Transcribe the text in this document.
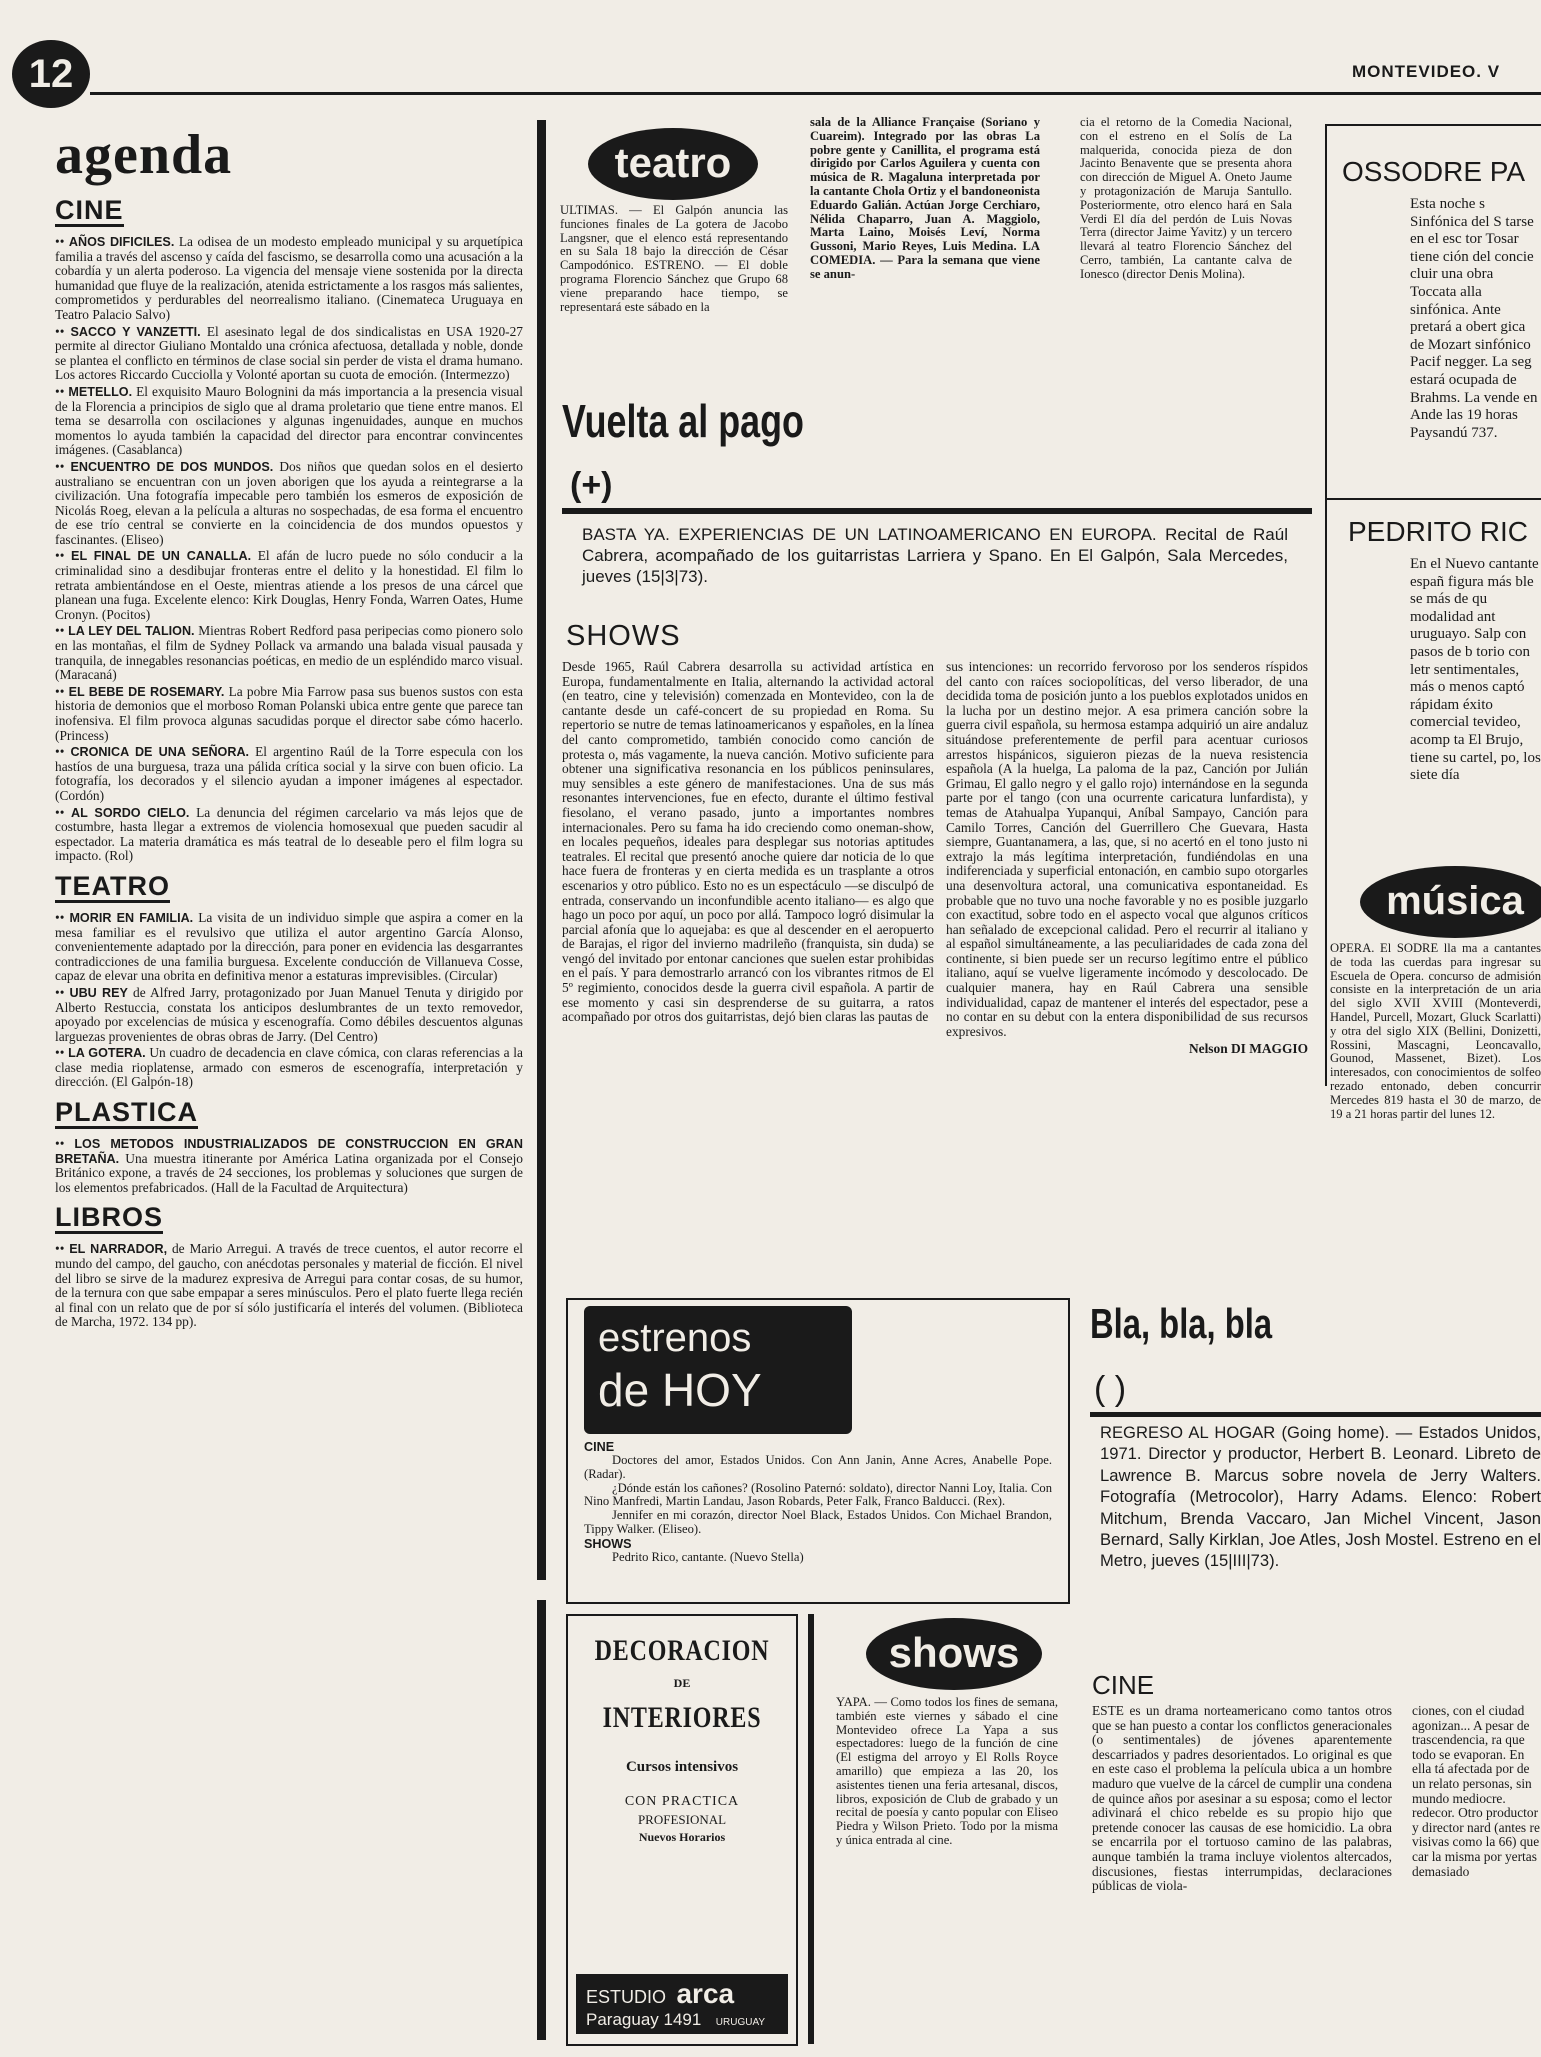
12	MONTEVIDEO. V
agenda
CINE

•• AÑOS DIFICILES. La odisea de un modesto empleado municipal y su arquetípica familia a través del ascenso y caída del fascismo, se desarrolla como una acusación a la cobardía y un alerta poderoso. La vigencia del mensaje viene sostenida por la directa humanidad que fluye de la realización, atenida estrictamente a los rasgos más salientes, comprometidos y perdurables del neorrealismo italiano. (Cinemateca Uruguaya en Teatro Palacio Salvo)

•• SACCO Y VANZETTI. El asesinato legal de dos sindicalistas en USA 1920-27 permite al director Giuliano Montaldo una crónica afectuosa, detallada y noble, donde se plantea el conflicto en términos de clase social sin perder de vista el drama humano. Los actores Riccardo Cucciolla y Volonté aportan su cuota de emoción. (Intermezzo)

•• METELLO. El exquisito Mauro Bolognini da más importancia a la presencia visual de la Florencia a principios de siglo que al drama proletario que tiene entre manos. El tema se desarrolla con oscilaciones y algunas ingenuidades, aunque en muchos momentos lo ayuda también la capacidad del director para encontrar convincentes imágenes. (Casablanca)

•• ENCUENTRO DE DOS MUNDOS. Dos niños que quedan solos en el desierto australiano se encuentran con un joven aborigen que los ayuda a reintegrarse a la civilización. Una fotografía impecable pero también los esmeros de exposición de Nicolás Roeg, elevan a la película a alturas no sospechadas, de esa forma el encuentro de ese trío central se convierte en la coincidencia de dos mundos opuestos y fascinantes. (Eliseo)

•• EL FINAL DE UN CANALLA. El afán de lucro puede no sólo conducir a la criminalidad sino a desdibujar fronteras entre el delito y la honestidad. El film lo retrata ambientándose en el Oeste, mientras atiende a los presos de una cárcel que planean una fuga. Excelente elenco: Kirk Douglas, Henry Fonda, Warren Oates, Hume Cronyn. (Pocitos)

•• LA LEY DEL TALION. Mientras Robert Redford pasa peripecias como pionero solo en las montañas, el film de Sydney Pollack va armando una balada visual pausada y tranquila, de innegables resonancias poéticas, en medio de un espléndido marco visual. (Maracaná)

•• EL BEBE DE ROSEMARY. La pobre Mia Farrow pasa sus buenos sustos con esta historia de demonios que el morboso Roman Polanski ubica entre gente que parece tan inofensiva. El film provoca algunas sacudidas porque el director sabe cómo hacerlo. (Princess)

•• CRONICA DE UNA SEÑORA. El argentino Raúl de la Torre especula con los hastíos de una burguesa, traza una pálida crítica social y la sirve con buen oficio. La fotografía, los decorados y el silencio ayudan a imponer imágenes al espectador. (Cordón)

•• AL SORDO CIELO. La denuncia del régimen carcelario va más lejos que de costumbre, hasta llegar a extremos de violencia homosexual que pueden sacudir al espectador. La materia dramática es más teatral de lo deseable pero el film logra su impacto. (Rol)

TEATRO

•• MORIR EN FAMILIA. La visita de un individuo simple que aspira a comer en la mesa familiar es el revulsivo que utiliza el autor argentino García Alonso, convenientemente adaptado por la dirección, para poner en evidencia las desgarrantes contradicciones de una familia burguesa. Excelente conducción de Villanueva Cosse, capaz de elevar una obrita en definitiva menor a estaturas imprevisibles. (Circular)

•• UBU REY de Alfred Jarry, protagonizado por Juan Manuel Tenuta y dirigido por Alberto Restuccia, constata los anticipos deslumbrantes de un texto removedor, apoyado por excelencias de música y escenografía. Como débiles descuentos algunas larguezas provenientes de obras obras de Jarry. (Del Centro)

•• LA GOTERA. Un cuadro de decadencia en clave cómica, con claras referencias a la clase media rioplatense, armado con esmeros de escenografía, interpretación y dirección. (El Galpón-18)

PLASTICA

•• LOS METODOS INDUSTRIALIZADOS DE CONSTRUCCION EN GRAN BRETAÑA. Una muestra itinerante por América Latina organizada por el Consejo Británico expone, a través de 24 secciones, los problemas y soluciones que surgen de los elementos prefabricados. (Hall de la Facultad de Arquitectura)

LIBROS

•• EL NARRADOR, de Mario Arregui. A través de trece cuentos, el autor recorre el mundo del campo, del gaucho, con anécdotas personales y material de ficción. El nivel del libro se sirve de la madurez expresiva de Arregui para contar cosas, de su humor, de la ternura con que sabe empapar a seres minúsculos. Pero el plato fuerte llega recién al final con un relato que de por sí sólo justificaría el interés del volumen. (Biblioteca de Marcha, 1972. 134 pp).

teatro

ULTIMAS. — El Galpón anuncia las funciones finales de La gotera de Jacobo Langsner, que el elenco está representando en su Sala 18 bajo la dirección de César Campodónico. ESTRENO. — El doble programa Florencio Sánchez que Grupo 68 viene preparando hace tiempo, se representará este sábado en la

sala de la Alliance Française (Soriano y Cuareim). Integrado por las obras La pobre gente y Canillita, el programa está dirigido por Carlos Aguilera y cuenta con música de R. Magaluna interpretada por la cantante Chola Ortiz y el bandoneonista Eduardo Galián. Actúan Jorge Cerchiaro, Nélida Chaparro, Juan A. Maggiolo, Marta Laino, Moisés Leví, Norma Gussoni, Mario Reyes, Luis Medina. LA COMEDIA. — Para la semana que viene se anun-

cia el retorno de la Comedia Nacional, con el estreno en el Solís de La malquerida, conocida pieza de don Jacinto Benavente que se presenta ahora con dirección de Miguel A. Oneto Jaume y protagonización de Maruja Santullo. Posteriormente, otro elenco hará en Sala Verdi El día del perdón de Luis Novas Terra (director Jaime Yavitz) y un tercero llevará al teatro Florencio Sánchez del Cerro, también, La cantante calva de Ionesco (director Denis Molina).

Vuelta al pago
(+)

BASTA YA. EXPERIENCIAS DE UN LATINOAMERICANO EN EUROPA. Recital de Raúl Cabrera, acompañado de los guitarristas Larriera y Spano. En El Galpón, Sala Mercedes, jueves (15|3|73).

SHOWS

Desde 1965, Raúl Cabrera desarrolla su actividad artística en Europa, fundamentalmente en Italia, alternando la actividad actoral (en teatro, cine y televisión) comenzada en Montevideo, con la de cantante desde un café-concert de su propiedad en Roma. Su repertorio se nutre de temas latinoamericanos y españoles, en la línea del canto comprometido, también conocido como canción de protesta o, más vagamente, la nueva canción. Motivo suficiente para obtener una significativa resonancia en los públicos peninsulares, muy sensibles a este género de manifestaciones. Una de sus más resonantes intervenciones, fue en efecto, durante el último festival fiesolano, el verano pasado, junto a importantes nombres internacionales. Pero su fama ha ido creciendo como oneman-show, en locales pequeños, ideales para desplegar sus notorias aptitudes teatrales. El recital que presentó anoche quiere dar noticia de lo que hace fuera de fronteras y en cierta medida es un trasplante a otros escenarios y otro público. Esto no es un espectáculo —se disculpó de entrada, conservando un inconfundible acento italiano— es algo que hago un poco por aquí, un poco por allá. Tampoco logró disimular la parcial afonía que lo aquejaba: es que al descender en el aeropuerto de Barajas, el rigor del invierno madrileño (franquista, sin duda) se vengó del invitado por entonar canciones que suelen estar prohibidas en el país. Y para demostrarlo arrancó con los vibrantes ritmos de El 5º regimiento, conocidos desde la guerra civil española. A partir de ese momento y casi sin desprenderse de su guitarra, a ratos acompañado por otros dos guitarristas, dejó bien claras las pautas de

sus intenciones: un recorrido fervoroso por los senderos ríspidos del canto con raíces sociopolíticas, del verso liberador, de una decidida toma de posición junto a los pueblos explotados unidos en la lucha por un destino mejor. A esa primera canción sobre la guerra civil española, su hermosa estampa adquirió un aire andaluz situándose preferentemente de perfil para acentuar curiosos arrestos hispánicos, siguieron piezas de la nueva resistencia española (A la huelga, La paloma de la paz, Canción por Julián Grimau, El gallo negro y el gallo rojo) internándose en la segunda parte por el tango (con una ocurrente caricatura lunfardista), y temas de Atahualpa Yupanqui, Aníbal Sampayo, Canción para Camilo Torres, Canción del Guerrillero Che Guevara, Hasta siempre, Guantanamera, a las, que, si no acertó en el tono justo ni extrajo la más legítima interpretación, fundiéndolas en una indiferenciada y superficial entonación, en cambio supo otorgarles una desenvoltura actoral, una comunicativa espontaneidad. Es probable que no tuvo una noche favorable y no es posible juzgarlo con exactitud, sobre todo en el aspecto vocal que algunos críticos han señalado de excepcional calidad. Pero el recurrir al italiano y al español simultáneamente, a las peculiaridades de cada zona del continente, si bien puede ser un recurso legítimo entre el público italiano, aquí se vuelve ligeramente incómodo y descolocado. De cualquier manera, hay en Raúl Cabrera una sensible individualidad, capaz de mantener el interés del espectador, pese a no contar en su debut con la entera disponibilidad de sus recursos expresivos.

Nelson DI MAGGIO
OSSODRE PA

Esta noche s Sinfónica del S tarse en el esc tor Tosar tiene ción del concie cluir una obra Toccata alla sinfónica. Ante pretará a obert gica de Mozart sinfónico Pacif negger. La seg estará ocupada de Brahms. La vende en Ande las 19 horas Paysandú 737.

PEDRITO RIC

En el Nuevo cantante españ figura más ble se más de qu modalidad ant uruguayo. Salp con pasos de b torio con letr sentimentales, más o menos captó rápidam éxito comercial tevideo, acomp ta El Brujo, tiene su cartel, po, los siete día

música

OPERA. El SODRE lla ma a cantantes de toda las cuerdas para ingresar su Escuela de Opera. concurso de admisión consiste en la interpretación de un aria del siglo XVII XVIII (Monteverdi, Handel, Purcell, Mozart, Gluck Scarlatti) y otra del siglo XIX (Bellini, Donizetti, Rossini, Mascagni, Leoncavallo, Gounod, Massenet, Bizet). Los interesados, con conocimientos de solfeo rezado entonado, deben concurrir Mercedes 819 hasta el 30 de marzo, de 19 a 21 horas partir del lunes 12.

estrenos
de HOY
CINE

Doctores del amor, Estados Unidos. Con Ann Janin, Anne Acres, Anabelle Pope. (Radar).

¿Dónde están los cañones? (Rosolino Paternó: soldato), director Nanni Loy, Italia. Con Nino Manfredi, Martin Landau, Jason Robards, Peter Falk, Franco Balducci. (Rex).

Jennifer en mi corazón, director Noel Black, Estados Unidos. Con Michael Brandon, Tippy Walker. (Eliseo).

SHOWS

Pedrito Rico, cantante. (Nuevo Stella)

DECORACION
DE
INTERIORES
Cursos intensivos
CON PRACTICA
PROFESIONAL
Nuevos Horarios
ESTUDIO arca
Paraguay 1491 URUGUAY
shows

YAPA. — Como todos los fines de semana, también este viernes y sábado el cine Montevideo ofrece La Yapa a sus espectadores: luego de la función de cine (El estigma del arroyo y El Rolls Royce amarillo) que empieza a las 20, los asistentes tienen una feria artesanal, discos, libros, exposición de Club de grabado y un recital de poesía y canto popular con Eliseo Piedra y Wilson Prieto. Todo por la misma y única entrada al cine.

Bla, bla, bla
( )

REGRESO AL HOGAR (Going home). — Estados Unidos, 1971. Director y productor, Herbert B. Leonard. Libreto de Lawrence B. Marcus sobre novela de Jerry Walters. Fotografía (Metrocolor), Harry Adams. Elenco: Robert Mitchum, Brenda Vaccaro, Jan Michel Vincent, Jason Bernard, Sally Kirklan, Joe Atles, Josh Mostel. Estreno en el Metro, jueves (15|III|73).

CINE

ESTE es un drama norteamericano como tantos otros que se han puesto a contar los conflictos generacionales (o sentimentales) de jóvenes aparentemente descarriados y padres desorientados. Lo original es que en este caso el problema la película ubica a un hombre maduro que vuelve de la cárcel de cumplir una condena de quince años por asesinar a su esposa; como el lector adivinará el chico rebelde es su propio hijo que pretende conocer las causas de ese homicidio. La obra se encarrila por el tortuoso camino de las palabras, aunque también la trama incluye violentos altercados, discusiones, fiestas interrumpidas, declaraciones públicas de viola-

ciones, con el ciudad agonizan... A pesar de trascendencia, ra que todo se evaporan. En ella tá afectada por de un relato personas, sin mundo mediocre. redecor. Otro productor y director nard (antes re visivas como la 66) que car la misma por yertas demasiado
